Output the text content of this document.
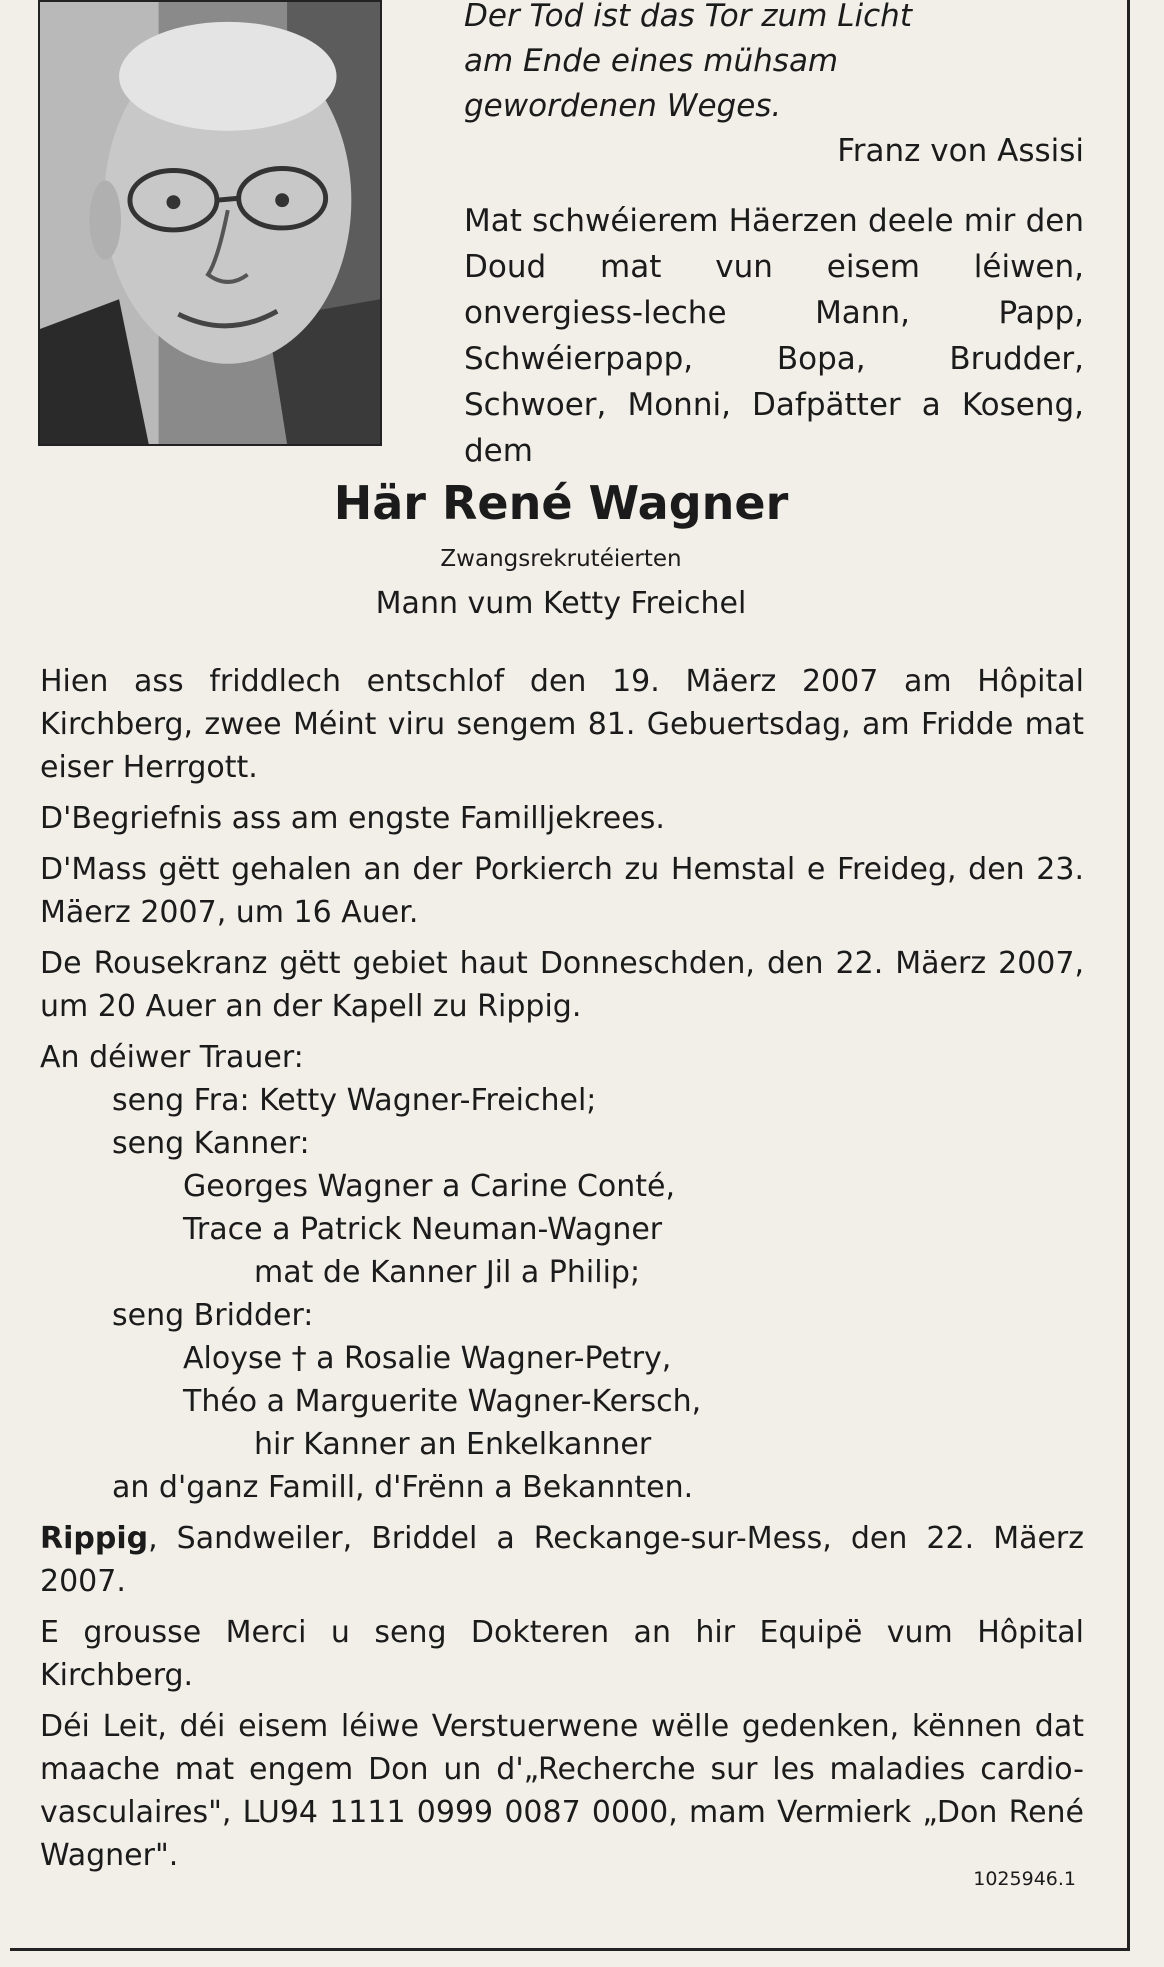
Der Tod ist das Tor zum Licht
am Ende eines mühsam
gewordenen Weges.
Franz von Assisi
Mat schwéierem Häerzen deele mir den Doud mat vun eisem léiwen, onvergiess-leche Mann, Papp, Schwéierpapp, Bopa, Brudder, Schwoer, Monni, Dafpätter a Koseng, dem
Här René Wagner
Zwangsrekrutéierten
Mann vum Ketty Freichel

Hien ass friddlech entschlof den 19. Mäerz 2007 am Hôpital Kirchberg, zwee Méint viru sengem 81. Gebuertsdag, am Fridde mat eiser Herrgott.

D'Begriefnis ass am engste Familljekrees.

D'Mass gëtt gehalen an der Porkierch zu Hemstal e Freideg, den 23. Mäerz 2007, um 16 Auer.

De Rousekranz gëtt gebiet haut Donneschden, den 22. Mäerz 2007, um 20 Auer an der Kapell zu Rippig.

An déiwer Trauer:
seng Fra: Ketty Wagner-Freichel;
seng Kanner:
Georges Wagner a Carine Conté,
Trace a Patrick Neuman-Wagner
mat de Kanner Jil a Philip;
seng Bridder:
Aloyse † a Rosalie Wagner-Petry,
Théo a Marguerite Wagner-Kersch,
hir Kanner an Enkelkanner
an d'ganz Famill, d'Frënn a Bekannten.

Rippig, Sandweiler, Briddel a Reckange-sur-Mess, den 22. Mäerz 2007.

E grousse Merci u seng Dokteren an hir Equipë vum Hôpital Kirchberg.

Déi Leit, déi eisem léiwe Verstuerwene wëlle gedenken, kënnen dat maache mat engem Don un d'„Recherche sur les maladies cardio-vasculaires", LU94 1111 0999 0087 0000, mam Vermierk „Don René Wagner".

1025946.1
